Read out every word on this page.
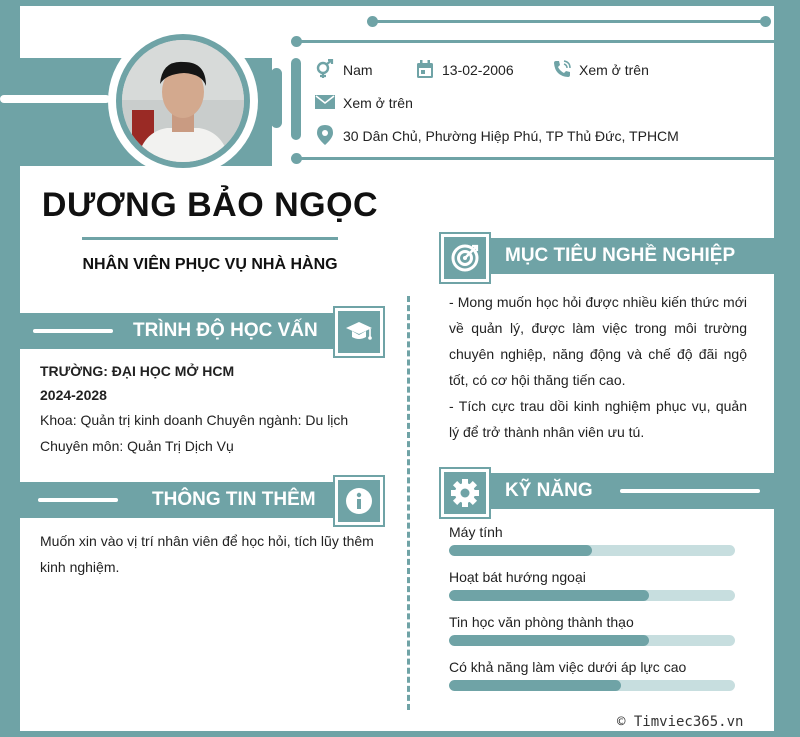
Nam	13-02-2006	Xem ở trên
Xem ở trên
30 Dân Chủ, Phường Hiệp Phú, TP Thủ Đức, TPHCM
DƯƠNG BẢO NGỌC
NHÂN VIÊN PHỤC VỤ NHÀ HÀNG
TRÌNH ĐỘ HỌC VẤN
TRƯỜNG: ĐẠI HỌC MỞ HCM
2024-2028
Khoa: Quản trị kinh doanh Chuyên ngành: Du lịch
Chuyên môn: Quản Trị Dịch Vụ
THÔNG TIN THÊM
Muốn xin vào vị trí nhân viên để học hỏi, tích lũy thêm kinh nghiệm.
MỤC TIÊU NGHỀ NGHIỆP
- Mong muốn học hỏi được nhiều kiến thức mới về quản lý, được làm việc trong môi trường chuyên nghiệp, năng động và chế độ đãi ngộ tốt, có cơ hội thăng tiến cao.
- Tích cực trau dồi kinh nghiệm phục vụ, quản lý để trở thành nhân viên ưu tú.
KỸ NĂNG
Máy tính
Hoạt bát hướng ngoại
Tin học văn phòng thành thạo
Có khả năng làm việc dưới áp lực cao
© Timviec365.vn
